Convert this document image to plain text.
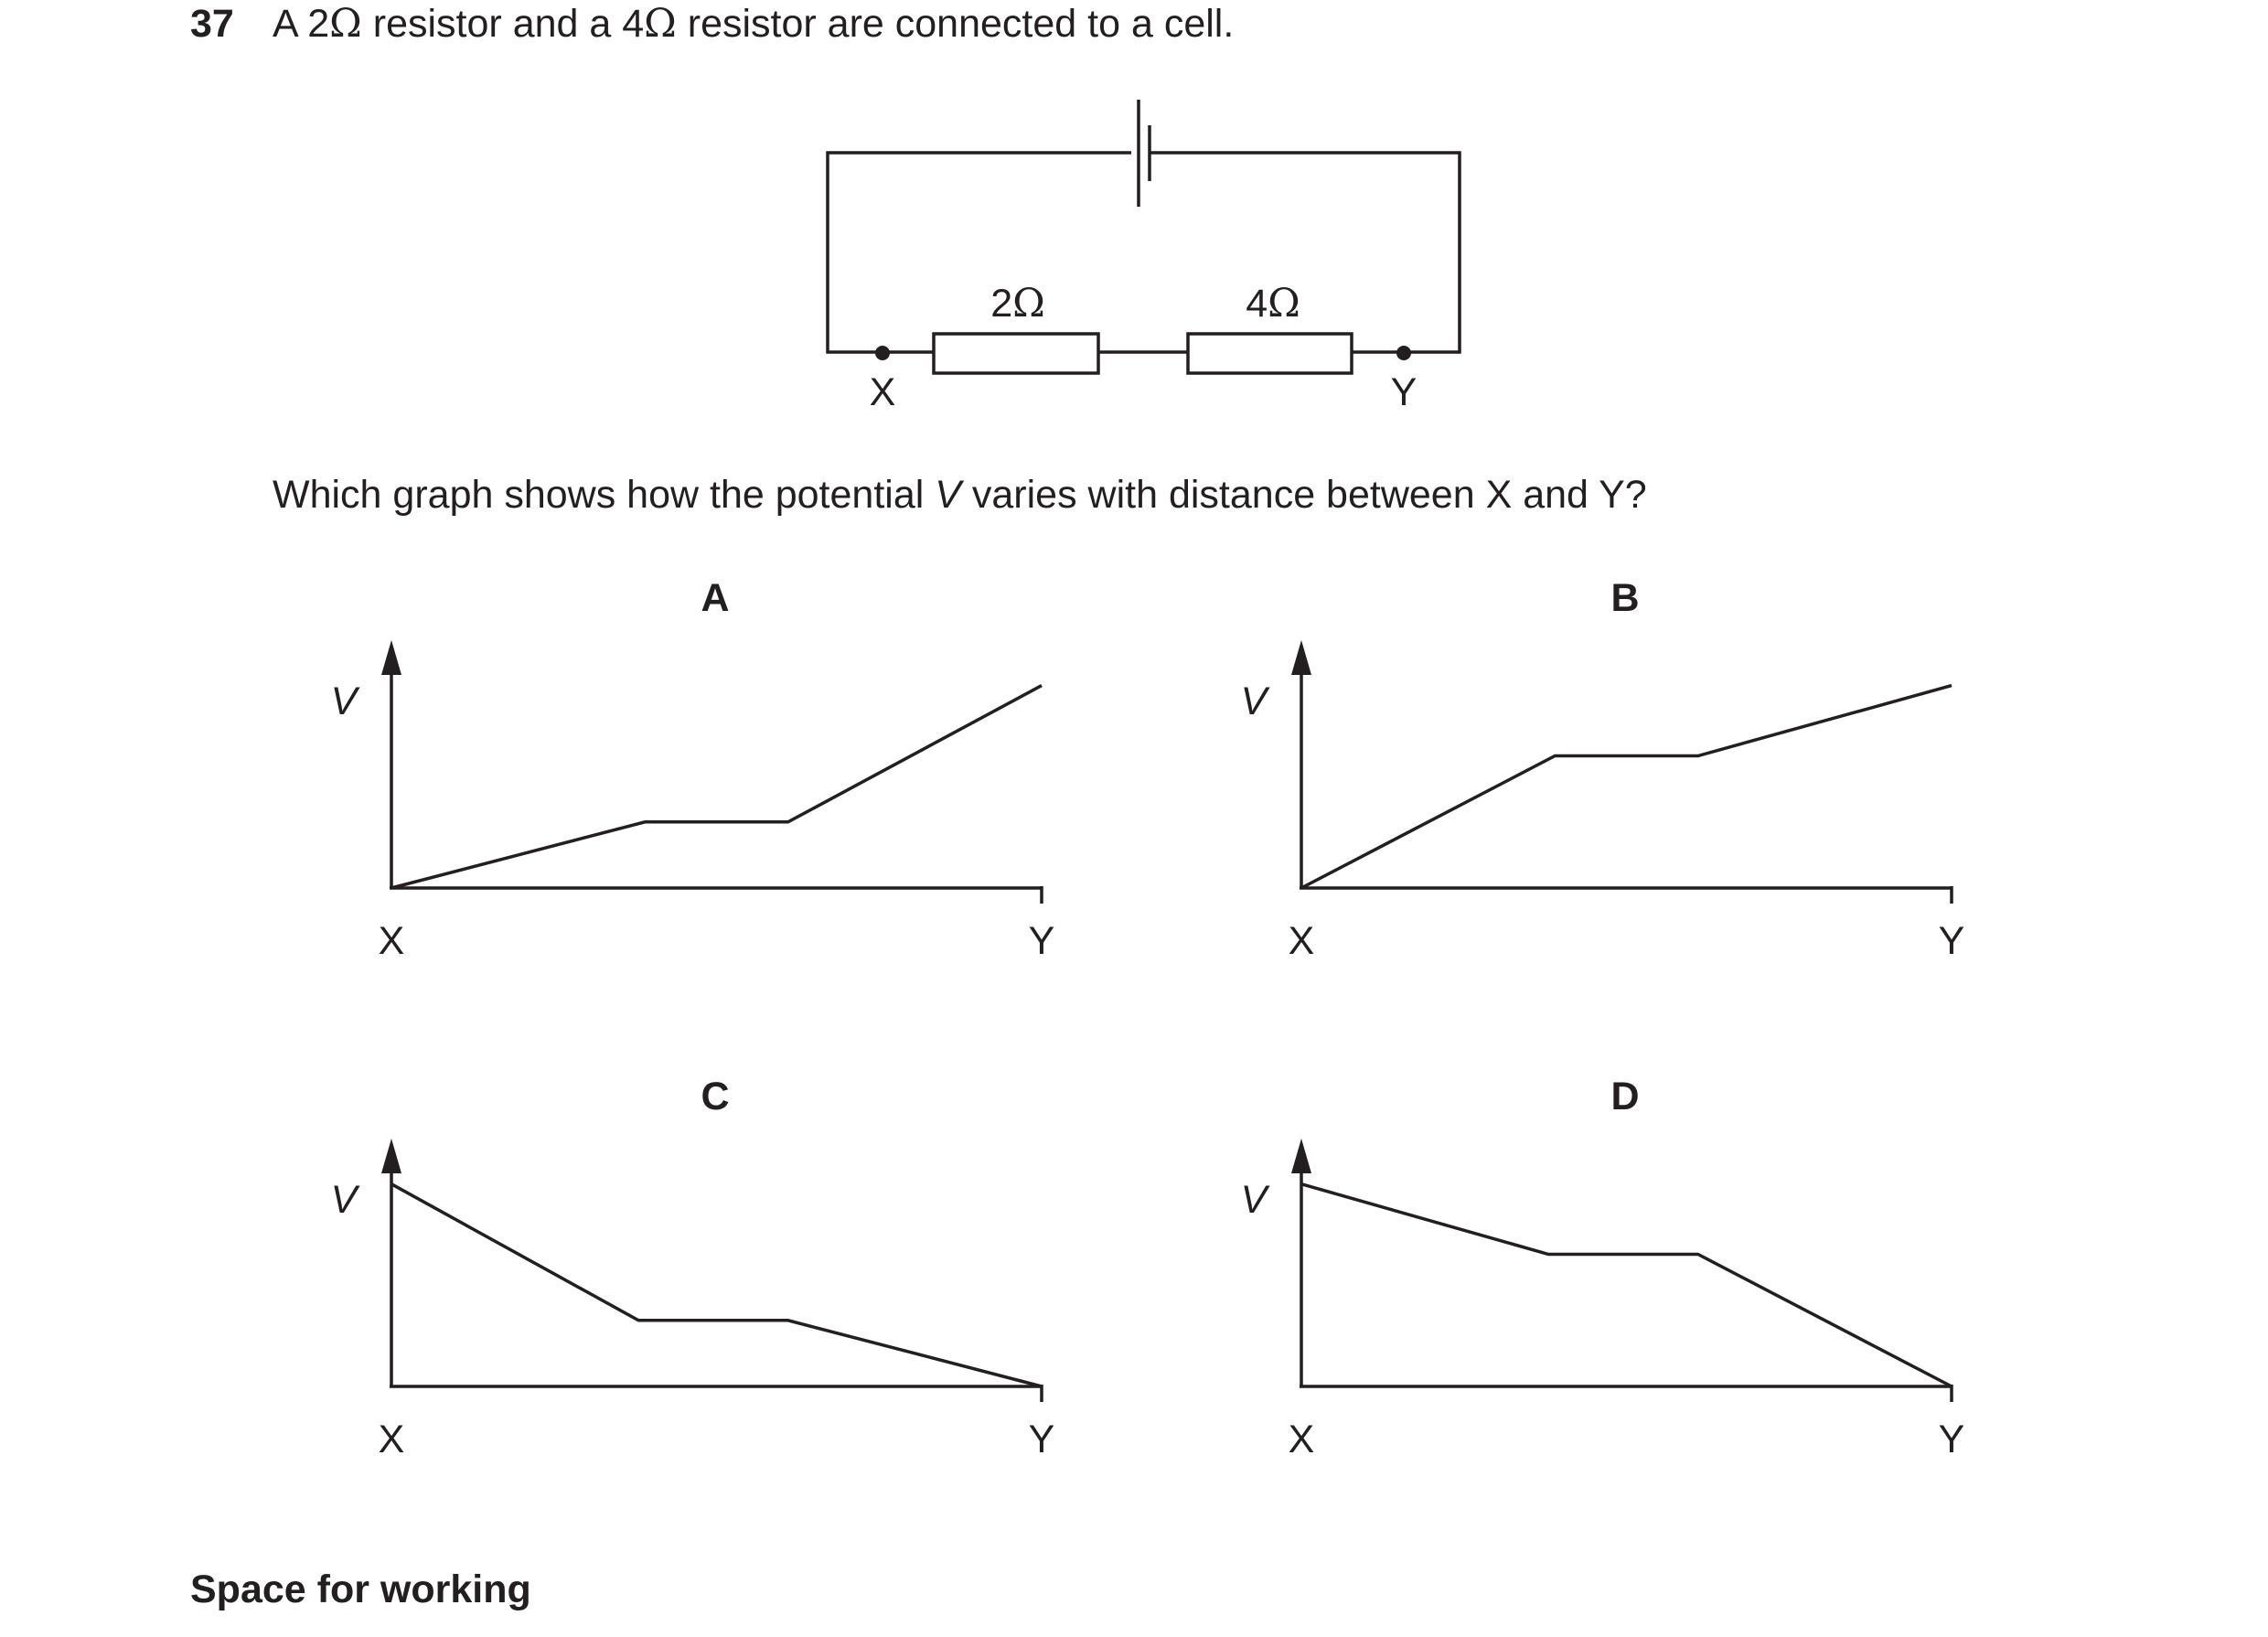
37 A 2Ω resistor and a 4Ω resistor are connected to a cell.
2Ω	4Ω
X	Y
Which graph shows how the potential V varies with distance between X and Y?
A
V
X	Y
B
V
X	Y
C
V
X	Y
D
V
X	Y
Space for working
